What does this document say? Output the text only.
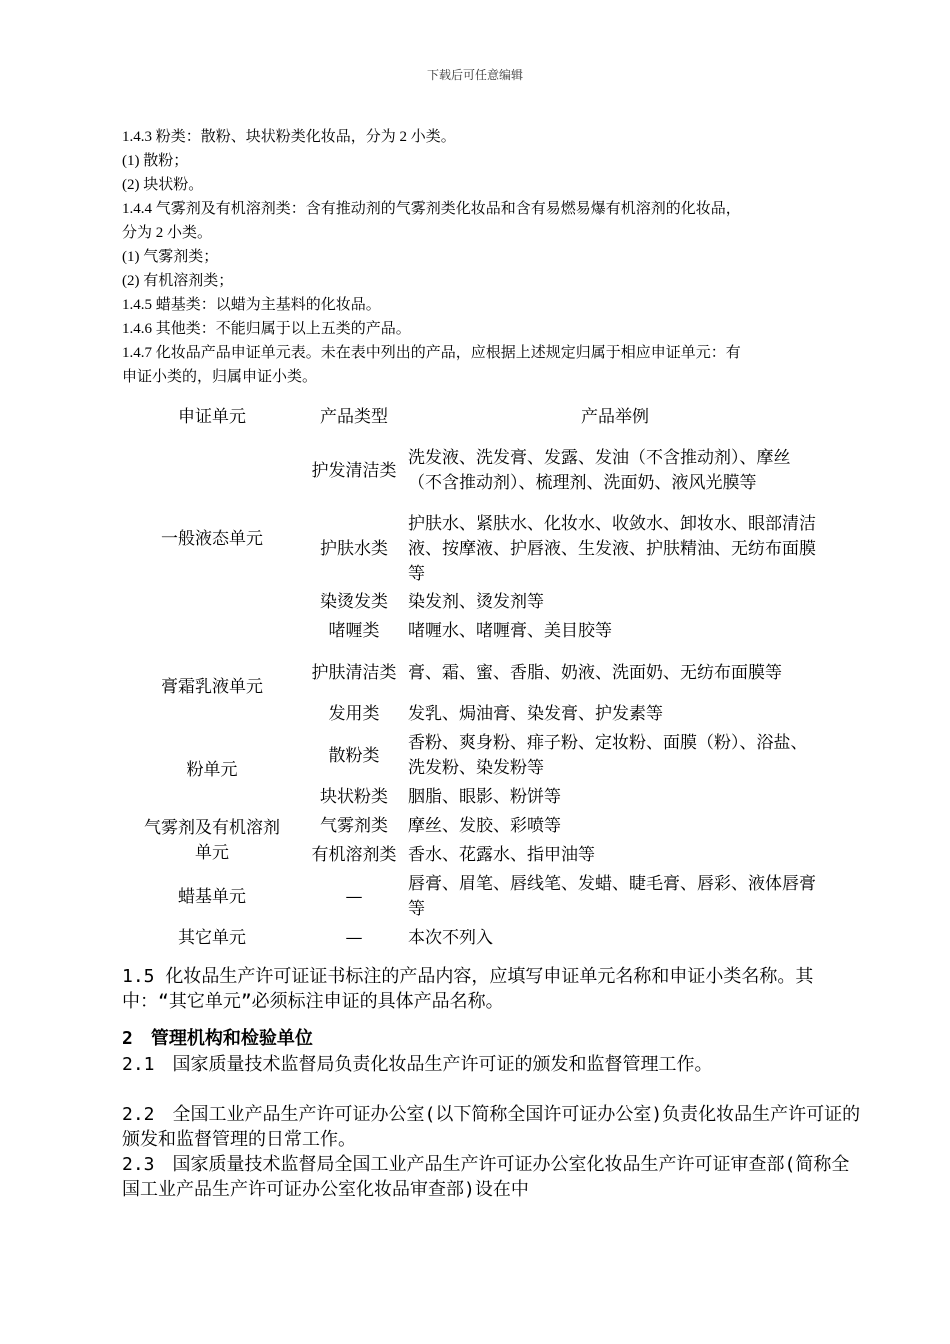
下载后可任意编辑
1.4.3 粉类：散粉、块状粉类化妆品，分为 2 小类。
(1) 散粉；
(2) 块状粉。
1.4.4 气雾剂及有机溶剂类：含有推动剂的气雾剂类化妆品和含有易燃易爆有机溶剂的化妆品，
分为 2 小类。
(1) 气雾剂类；
(2) 有机溶剂类；
1.4.5 蜡基类：以蜡为主基料的化妆品。
1.4.6 其他类：不能归属于以上五类的产品。
1.4.7 化妆品产品申证单元表。未在表中列出的产品，应根据上述规定归属于相应申证单元：有
申证小类的，归属申证小类。
申证单元	产品类型	产品举例
一般液态单元	护发清洁类	洗发液、洗发膏、发露、发油（不含推动剂）、摩丝（不含推动剂）、梳理剂、洗面奶、液风光膜等
	护肤水类	护肤水、紧肤水、化妆水、收敛水、卸妆水、眼部清洁液、按摩液、护唇液、生发液、护肤精油、无纺布面膜等
	染烫发类	染发剂、烫发剂等
	啫喱类	啫喱水、啫喱膏、美目胶等
膏霜乳液单元	护肤清洁类	膏、霜、蜜、香脂、奶液、洗面奶、无纺布面膜等
	发用类	发乳、焗油膏、染发膏、护发素等
粉单元	散粉类	香粉、爽身粉、痱子粉、定妆粉、面膜（粉）、浴盐、洗发粉、染发粉等
	块状粉类	胭脂、眼影、粉饼等
气雾剂及有机溶剂单元	气雾剂类	摩丝、发胶、彩喷等
	有机溶剂类	香水、花露水、指甲油等
蜡基单元	—	唇膏、眉笔、唇线笔、发蜡、睫毛膏、唇彩、液体唇膏等
其它单元	—	本次不列入
1.5 化妆品生产许可证证书标注的产品内容，应填写申证单元名称和申证小类名称。其中：“其它单元”必须标注申证的具体产品名称。
2　管理机构和检验单位
2.1　国家质量技术监督局负责化妆品生产许可证的颁发和监督管理工作。
2.2　全国工业产品生产许可证办公室(以下简称全国许可证办公室)负责化妆品生产许可证的颁发和监督管理的日常工作。
2.3　国家质量技术监督局全国工业产品生产许可证办公室化妆品生产许可证审查部(简称全国工业产品生产许可证办公室化妆品审查部)设在中
